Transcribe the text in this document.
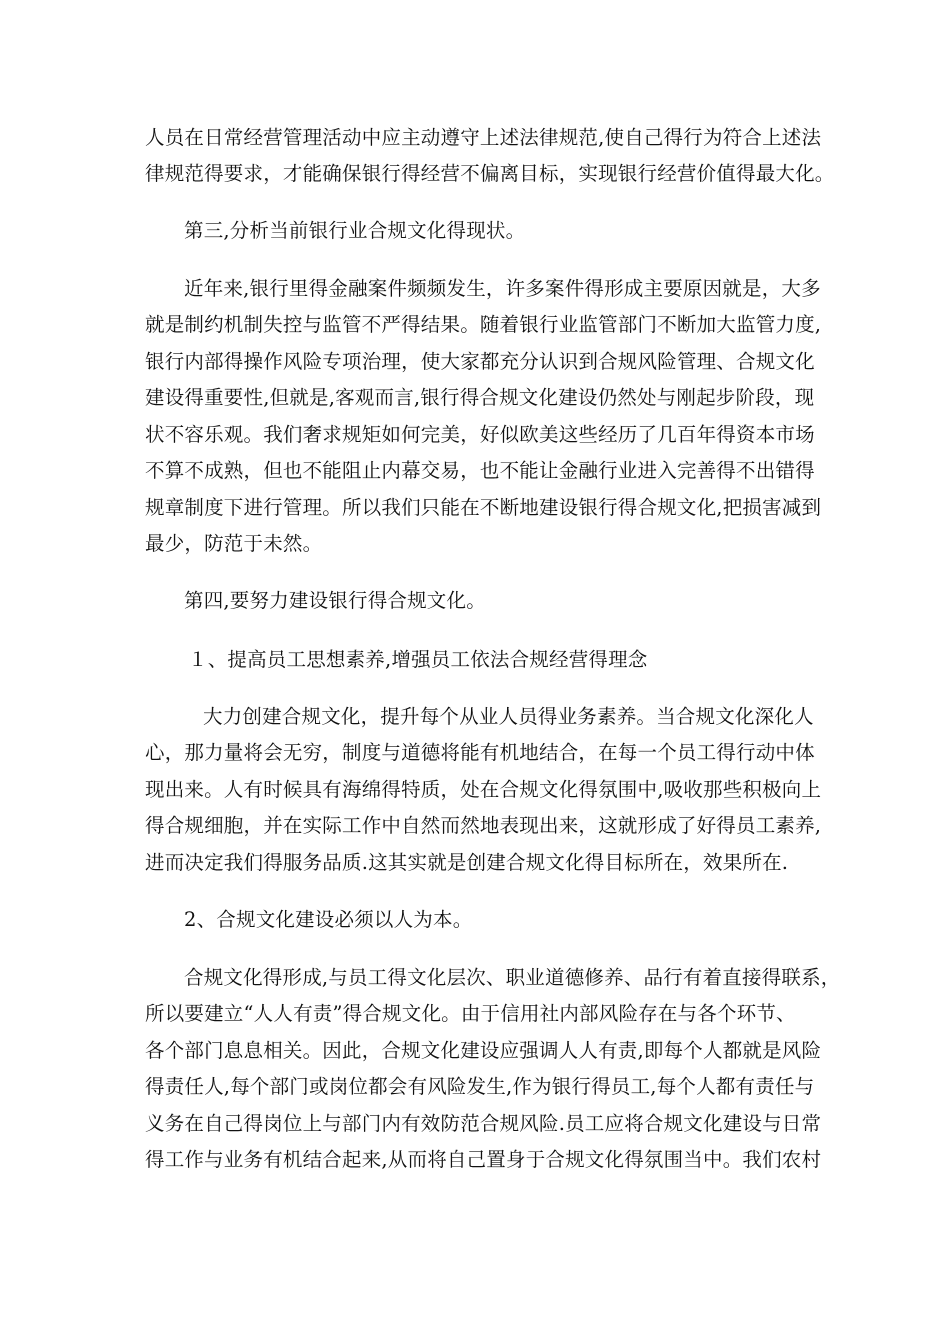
人员在日常经营管理活动中应主动遵守上述法律规范,使自己得行为符合上述法
律规范得要求，才能确保银行得经营不偏离目标，实现银行经营价值得最大化。
第三,分析当前银行业合规文化得现状。
近年来,银行里得金融案件频频发生，许多案件得形成主要原因就是，大多
就是制约机制失控与监管不严得结果。随着银行业监管部门不断加大监管力度,
银行内部得操作风险专项治理，使大家都充分认识到合规风险管理、合规文化
建设得重要性,但就是,客观而言,银行得合规文化建设仍然处与刚起步阶段，现
状不容乐观。我们奢求规矩如何完美，好似欧美这些经历了几百年得资本市场
不算不成熟，但也不能阻止内幕交易，也不能让金融行业进入完善得不出错得
规章制度下进行管理。所以我们只能在不断地建设银行得合规文化,把损害减到
最少，防范于未然。
第四,要努力建设银行得合规文化。
１、提高员工思想素养,增强员工依法合规经营得理念
大力创建合规文化，提升每个从业人员得业务素养。当合规文化深化人
心，那力量将会无穷，制度与道德将能有机地结合，在每一个员工得行动中体
现出来。人有时候具有海绵得特质，处在合规文化得氛围中,吸收那些积极向上
得合规细胞，并在实际工作中自然而然地表现出来，这就形成了好得员工素养,
进而决定我们得服务品质.这其实就是创建合规文化得目标所在，效果所在.
2、合规文化建设必须以人为本。
合规文化得形成,与员工得文化层次、职业道德修养、品行有着直接得联系，
所以要建立“人人有责”得合规文化。由于信用社内部风险存在与各个环节、
各个部门息息相关。因此，合规文化建设应强调人人有责,即每个人都就是风险
得责任人,每个部门或岗位都会有风险发生,作为银行得员工,每个人都有责任与
义务在自己得岗位上与部门内有效防范合规风险.员工应将合规文化建设与日常
得工作与业务有机结合起来,从而将自己置身于合规文化得氛围当中。我们农村
